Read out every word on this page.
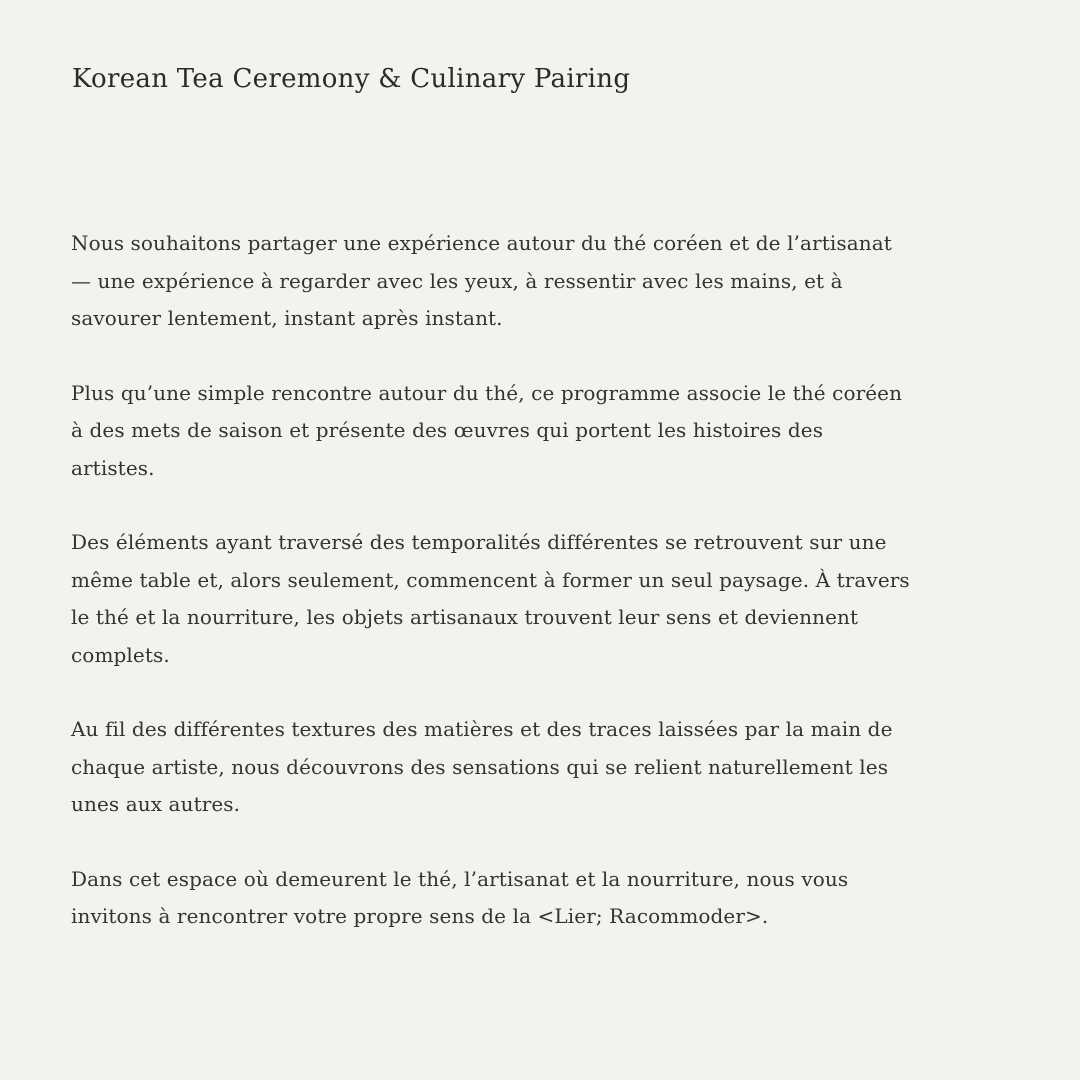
Korean Tea Ceremony & Culinary Pairing

Nous souhaitons partager une expérience autour du thé coréen et de l’artisanat — une expérience à regarder avec les yeux, à ressentir avec les mains, et à savourer lentement, instant après instant.

Plus qu’une simple rencontre autour du thé, ce programme associe le thé coréen à des mets de saison et présente des œuvres qui portent les histoires des artistes.

Des éléments ayant traversé des temporalités différentes se retrouvent sur une même table et, alors seulement, commencent à former un seul paysage. À travers le thé et la nourriture, les objets artisanaux trouvent leur sens et deviennent complets.

Au fil des différentes textures des matières et des traces laissées par la main de chaque artiste, nous découvrons des sensations qui se relient naturellement les unes aux autres.

Dans cet espace où demeurent le thé, l’artisanat et la nourriture, nous vous invitons à rencontrer votre propre sens de la <Lier; Racommoder>.
